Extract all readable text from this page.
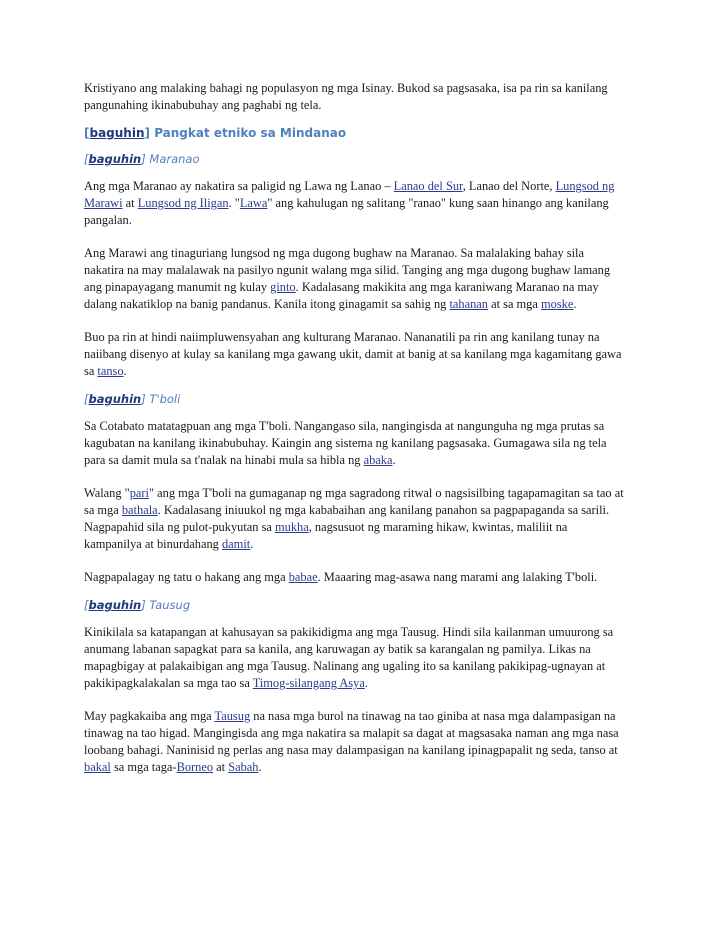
Kristiyano ang malaking bahagi ng populasyon ng mga Isinay. Bukod sa pagsasaka, isa pa rin sa kanilang pangunahing ikinabubuhay ang paghabi ng tela.

[baguhin] Pangkat etniko sa Mindanao
[baguhin] Maranao

Ang mga Maranao ay nakatira sa paligid ng Lawa ng Lanao – Lanao del Sur, Lanao del Norte, Lungsod ng Marawi at Lungsod ng Iligan. "Lawa" ang kahulugan ng salitang "ranao" kung saan hinango ang kanilang pangalan.

Ang Marawi ang tinaguriang lungsod ng mga dugong bughaw na Maranao. Sa malalaking bahay sila nakatira na may malalawak na pasilyo ngunit walang mga silid. Tanging ang mga dugong bughaw lamang ang pinapayagang manumit ng kulay ginto. Kadalasang makikita ang mga karaniwang Maranao na may dalang nakatiklop na banig pandanus. Kanila itong ginagamit sa sahig ng tahanan at sa mga moske.

Buo pa rin at hindi naiimpluwensyahan ang kulturang Maranao. Nananatili pa rin ang kanilang tunay na naiibang disenyo at kulay sa kanilang mga gawang ukit, damit at banig at sa kanilang mga kagamitang gawa sa tanso.

[baguhin] T'boli

Sa Cotabato matatagpuan ang mga T'boli. Nangangaso sila, nangingisda at nangunguha ng mga prutas sa kagubatan na kanilang ikinabubuhay. Kaingin ang sistema ng kanilang pagsasaka. Gumagawa sila ng tela para sa damit mula sa t'nalak na hinabi mula sa hibla ng abaka.

Walang "pari" ang mga T'boli na gumaganap ng mga sagradong ritwal o nagsisilbing tagapamagitan sa tao at sa mga bathala. Kadalasang iniuukol ng mga kababaihan ang kanilang panahon sa pagpapaganda sa sarili. Nagpapahid sila ng pulot-pukyutan sa mukha, nagsusuot ng maraming hikaw, kwintas, maliliit na kampanilya at binurdahang damit.

Nagpapalagay ng tatu o hakang ang mga babae. Maaaring mag-asawa nang marami ang lalaking T'boli.

[baguhin] Tausug

Kinikilala sa katapangan at kahusayan sa pakikidigma ang mga Tausug. Hindi sila kailanman umuurong sa anumang labanan sapagkat para sa kanila, ang karuwagan ay batik sa karangalan ng pamilya. Likas na mapagbigay at palakaibigan ang mga Tausug. Nalinang ang ugaling ito sa kanilang pakikipag-ugnayan at pakikipagkalakalan sa mga tao sa Timog-silangang Asya.

May pagkakaiba ang mga Tausug na nasa mga burol na tinawag na tao giniba at nasa mga dalampasigan na tinawag na tao higad. Mangingisda ang mga nakatira sa malapit sa dagat at magsasaka naman ang mga nasa loobang bahagi. Naninisid ng perlas ang nasa may dalampasigan na kanilang ipinagpapalit ng seda, tanso at bakal sa mga taga-Borneo at Sabah.
